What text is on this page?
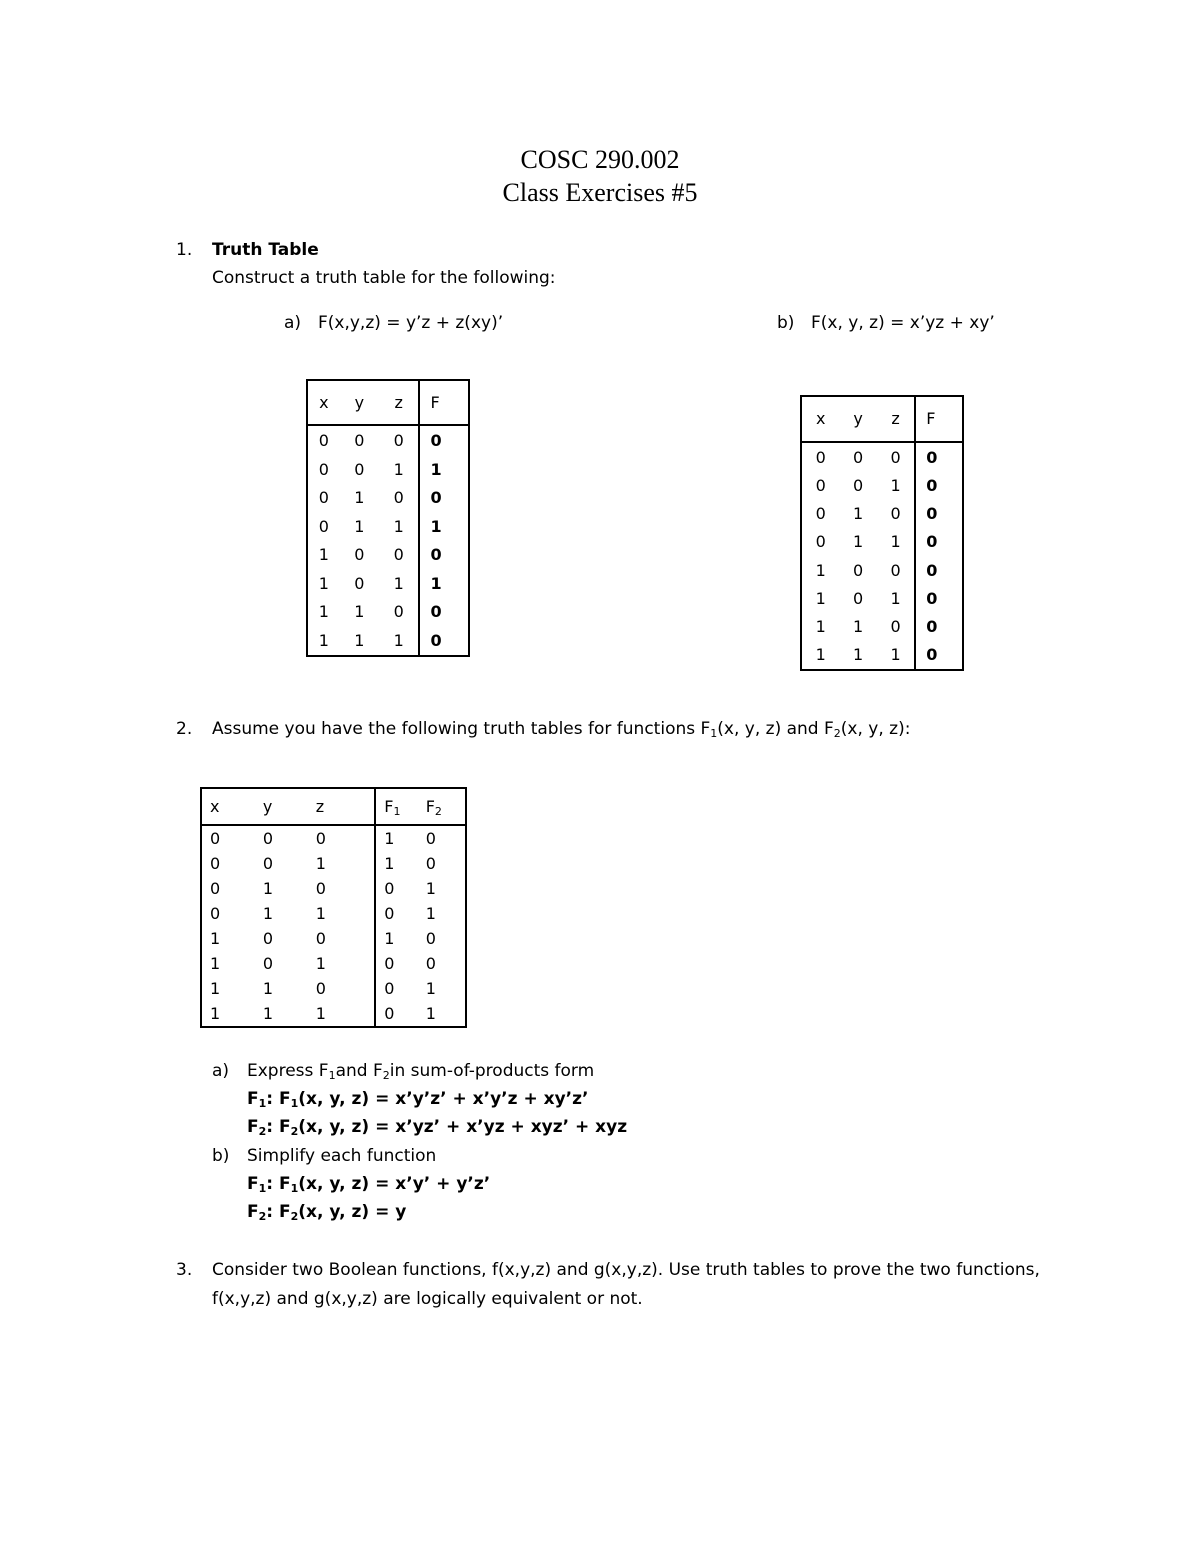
COSC 290.002
Class Exercises #5
1. Truth Table
Construct a truth table for the following:
a) F(x,y,z) = y’z + z(xy)’	b) F(x, y, z) = x’yz + xy’
x	y	z	F
0	0	0	0
0	0	1	1
0	1	0	0
0	1	1	1
1	0	0	0
1	0	1	1
1	1	0	0
1	1	1	0
x	y	z	F
0	0	0	0
0	0	1	0
0	1	0	0
0	1	1	0
1	0	0	0
1	0	1	0
1	1	0	0
1	1	1	0
2. Assume you have the following truth tables for functions $F_1(x$, y, z) and $F_2(x$, y, z):
x	y	z	$F_1$	$F_2$
0	0	0	1	0
0	0	1	1	0
0	1	0	0	1
0	1	1	0	1
1	0	0	1	0
1	0	1	0	0
1	1	0	0	1
1	1	1	0	1
a) Express $F_1and$ $F_2in$ sum-of-products form
$F_1$: $F_1(x$, y, z) = x’y’z’ + x’y’z + xy’z’
$F_2$: $F_2(x$, y, z) = x’yz’ + x’yz + xyz’ + xyz
b) Simplify each function
$F_1$: $F_1(x$, y, z) = x’y’ + y’z’
$F_2$: $F_2(x$, y, z) = y
3. Consider two Boolean functions, f(x,y,z) and g(x,y,z). Use truth tables to prove the two functions,
f(x,y,z) and g(x,y,z) are logically equivalent or not.
